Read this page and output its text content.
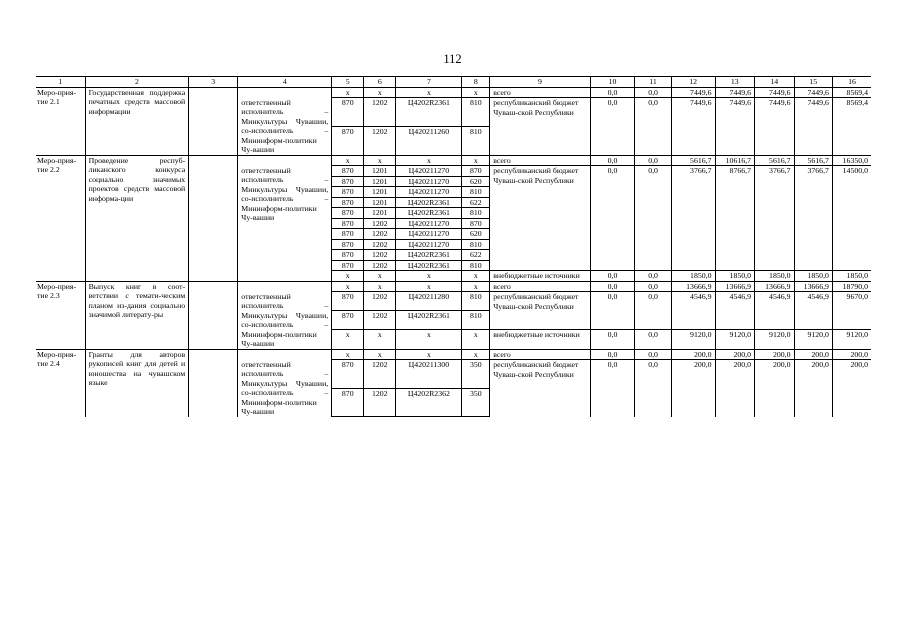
112
1	2	3	4	5	6	7	8	9	10	11	12	13	14	15	16
Меро-прия-тие 2.1	Государственная поддержка печатных средств массовой информации			x	x	x	x	всего	0,0	0,0	7449,6	7449,6	7449,6	7449,6	8569,4
			ответственный исполнитель – Минкультуры Чувашии, со-исполнитель – Мининформ-политики Чу-вашии	870	1202	Ц4202R2361	810	республиканский бюджет Чуваш-ской Республики	0,0	0,0	7449,6	7449,6	7449,6	7449,6	8569,4
				870	1202	Ц420211260	810								
Меро-прия-тие 2.2	Проведение респуб-ликанского конкурса социально значимых проектов средств массовой информа-ции			x	x	x	x	всего	0,0	0,0	5616,7	10616,7	5616,7	5616,7	16350,0
			ответственный исполнитель – Минкультуры Чувашии, со-исполнитель – Мининформ-политики Чу-вашии	870	1201	Ц420211270	870	республиканский бюджет Чуваш-ской Республики	0,0	0,0	3766,7	8766,7	3766,7	3766,7	14500,0
				870	1201	Ц420211270	620								
				870	1201	Ц420211270	810								
				870	1201	Ц4202R2361	622								
				870	1201	Ц4202R2361	810								
				870	1202	Ц420211270	870								
				870	1202	Ц420211270	620								
				870	1202	Ц420211270	810								
				870	1202	Ц4202R2361	622								
				870	1202	Ц4202R2361	810								
				x	x	x	x	внебюджетные источники	0,0	0,0	1850,0	1850,0	1850,0	1850,0	1850,0
Меро-прия-тие 2.3	Выпуск книг в соот-ветствии с темати-ческим планом из-дания социально значимой литерату-ры			x	x	x	x	всего	0,0	0,0	13666,9	13666,9	13666,9	13666,9	18790,0
			ответственный исполнитель – Минкультуры Чувашии, со-исполнитель – Мининформ-политики Чу-вашии	870	1202	Ц420211280	810	республиканский бюджет Чуваш-ской Республики	0,0	0,0	4546,9	4546,9	4546,9	4546,9	9670,0
				870	1202	Ц4202R2361	810								
				x	x	x	x	внебюджетные источники	0,0	0,0	9120,0	9120,0	9120,0	9120,0	9120,0
Меро-прия-тие 2.4	Гранты для авторов рукописей книг для детей и юношества на чувашском языке			x	x	x	x	всего	0,0	0,0	200,0	200,0	200,0	200,0	200,0
			ответственный исполнитель – Минкультуры Чувашии, со-исполнитель – Мининформ-политики Чу-вашии	870	1202	Ц420211300	350	республиканский бюджет Чуваш-ской Республики	0,0	0,0	200,0	200,0	200,0	200,0	200,0
				870	1202	Ц4202R2362	350								
